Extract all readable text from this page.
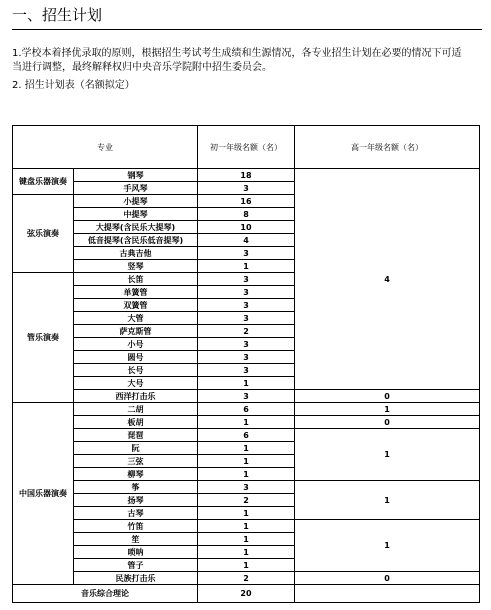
一、招生计划
1.学校本着择优录取的原则，根据招生考试考生成绩和生源情况，各专业招生计划在必要的情况下可适
当进行调整，最终解释权归中央音乐学院附中招生委员会。
2. 招生计划表（名额拟定）
专业		初一年级名额（名）	高一年级名额（名）
键盘乐器演奏	钢琴	18	4
	手风琴	3	
弦乐演奏	小提琴	16	
	中提琴	8	
	大提琴(含民乐大提琴)	10	
	低音提琴(含民乐低音提琴)	4	
	古典吉他	3	
	竖琴	1	
管乐演奏	长笛	3	
	单簧管	3	
	双簧管	3	
	大管	3	
	萨克斯管	2	
	小号	3	
	圆号	3	
	长号	3	
	大号	1	
	西洋打击乐	3	0
中国乐器演奏	二胡	6	1
	板胡	1	0
	琵琶	6	1
	阮	1	
	三弦	1	
	柳琴	1	
	筝	3	1
	扬琴	2	
	古琴	1	
	竹笛	1	1
	笙	1	
	唢呐	1	
	管子	1	
	民族打击乐	2	0
音乐综合理论		20	
